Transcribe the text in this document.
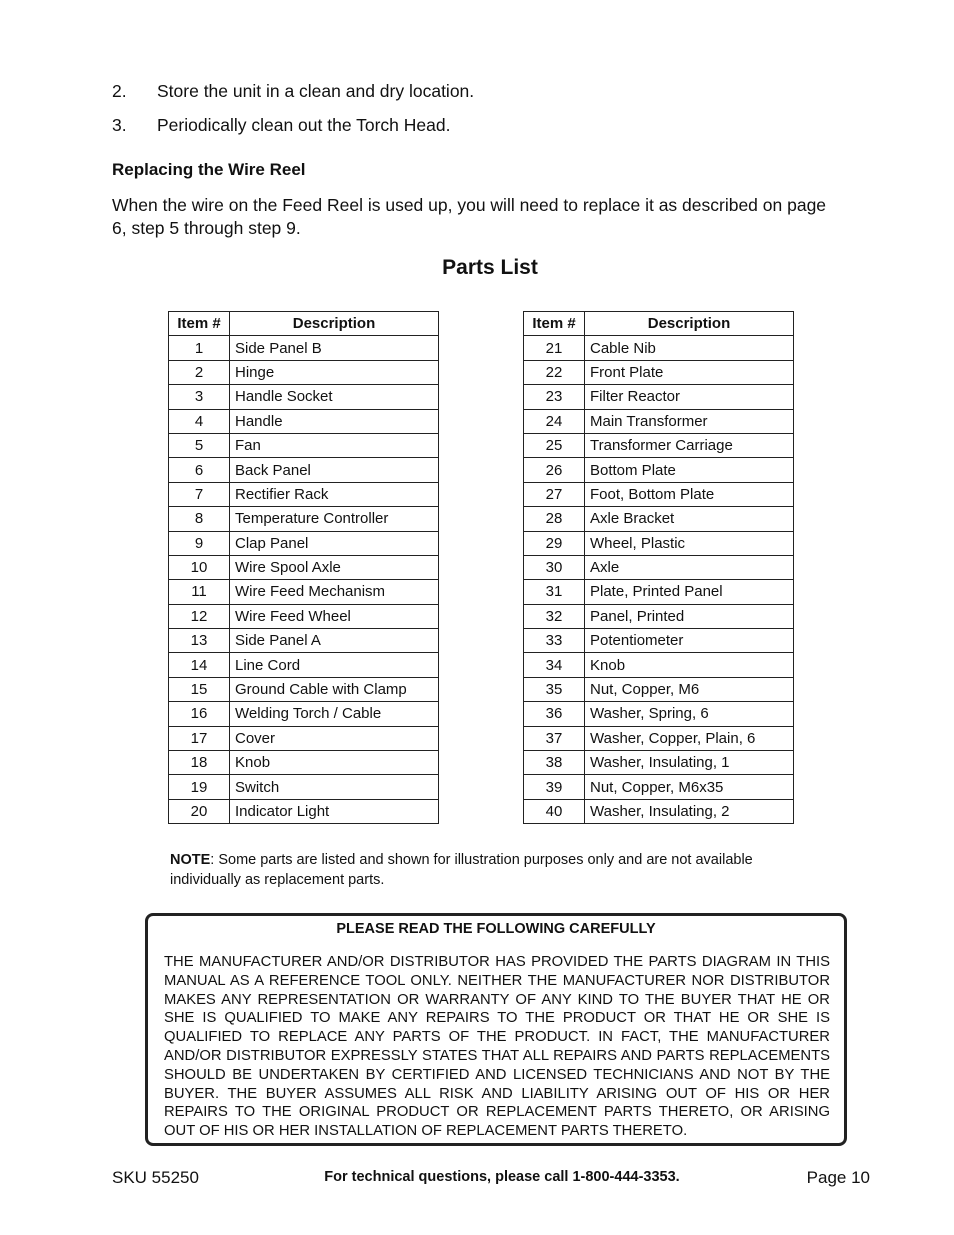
2. Store the unit in a clean and dry location.
3. Periodically clean out the Torch Head.
Replacing the Wire Reel
When the wire on the Feed Reel is used up, you will need to replace it as described on page 6, step 5 through step 9.
Parts List
Item #	Description
1	Side Panel B
2	Hinge
3	Handle Socket
4	Handle
5	Fan
6	Back Panel
7	Rectifier Rack
8	Temperature Controller
9	Clap Panel
10	Wire Spool Axle
11	Wire Feed Mechanism
12	Wire Feed Wheel
13	Side Panel A
14	Line Cord
15	Ground Cable with Clamp
16	Welding Torch / Cable
17	Cover
18	Knob
19	Switch
20	Indicator Light
Item #	Description
21	Cable Nib
22	Front Plate
23	Filter Reactor
24	Main Transformer
25	Transformer Carriage
26	Bottom Plate
27	Foot, Bottom Plate
28	Axle Bracket
29	Wheel, Plastic
30	Axle
31	Plate, Printed Panel
32	Panel, Printed
33	Potentiometer
34	Knob
35	Nut, Copper, M6
36	Washer, Spring, 6
37	Washer, Copper, Plain, 6
38	Washer, Insulating, 1
39	Nut, Copper, M6x35
40	Washer, Insulating, 2
NOTE: Some parts are listed and shown for illustration purposes only and are not available individually as replacement parts.
PLEASE READ THE FOLLOWING CAREFULLY
THE MANUFACTURER AND/OR DISTRIBUTOR HAS PROVIDED THE PARTS DIAGRAM IN THIS MANUAL AS A REFERENCE TOOL ONLY. NEITHER THE MANUFACTURER NOR DISTRIBUTOR MAKES ANY REPRESENTATION OR WARRANTY OF ANY KIND TO THE BUYER THAT HE OR SHE IS QUALIFIED TO MAKE ANY REPAIRS TO THE PRODUCT OR THAT HE OR SHE IS QUALIFIED TO REPLACE ANY PARTS OF THE PRODUCT. IN FACT, THE MANUFACTURER AND/OR DISTRIBUTOR EXPRESSLY STATES THAT ALL REPAIRS AND PARTS REPLACEMENTS SHOULD BE UNDERTAKEN BY CERTIFIED AND LICENSED TECHNICIANS AND NOT BY THE BUYER. THE BUYER ASSUMES ALL RISK AND LIABILITY ARISING OUT OF HIS OR HER REPAIRS TO THE ORIGINAL PRODUCT OR REPLACEMENT PARTS THERETO, OR ARISING OUT OF HIS OR HER INSTALLATION OF REPLACEMENT PARTS THERETO.
SKU 55250	For technical questions, please call 1-800-444-3353.	Page 10
